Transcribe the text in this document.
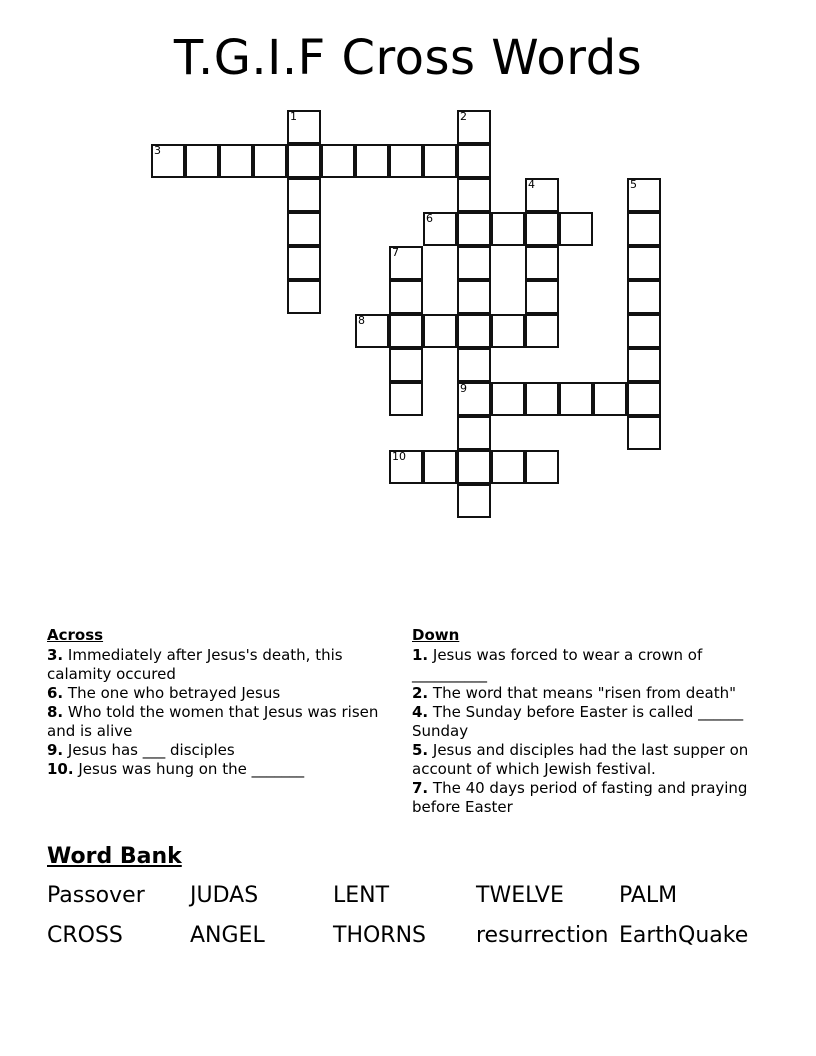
T.G.I.F Cross Words
1	2
9
3
4	5
6
7
8
10
Across
3. Immediately after Jesus's death, this calamity occured
6. The one who betrayed Jesus
8. Who told the women that Jesus was risen and is alive
9. Jesus has ___ disciples
10. Jesus was hung on the _______
Down
1. Jesus was forced to wear a crown of __________
2. The word that means "risen from death"
4. The Sunday before Easter is called ______ Sunday
5. Jesus and disciples had the last supper on account of which Jewish festival.
7. The 40 days period of fasting and praying before Easter
Word Bank
Passover	JUDAS	LENT	TWELVE	PALM
CROSS	ANGEL	THORNS	resurrection EarthQuake
